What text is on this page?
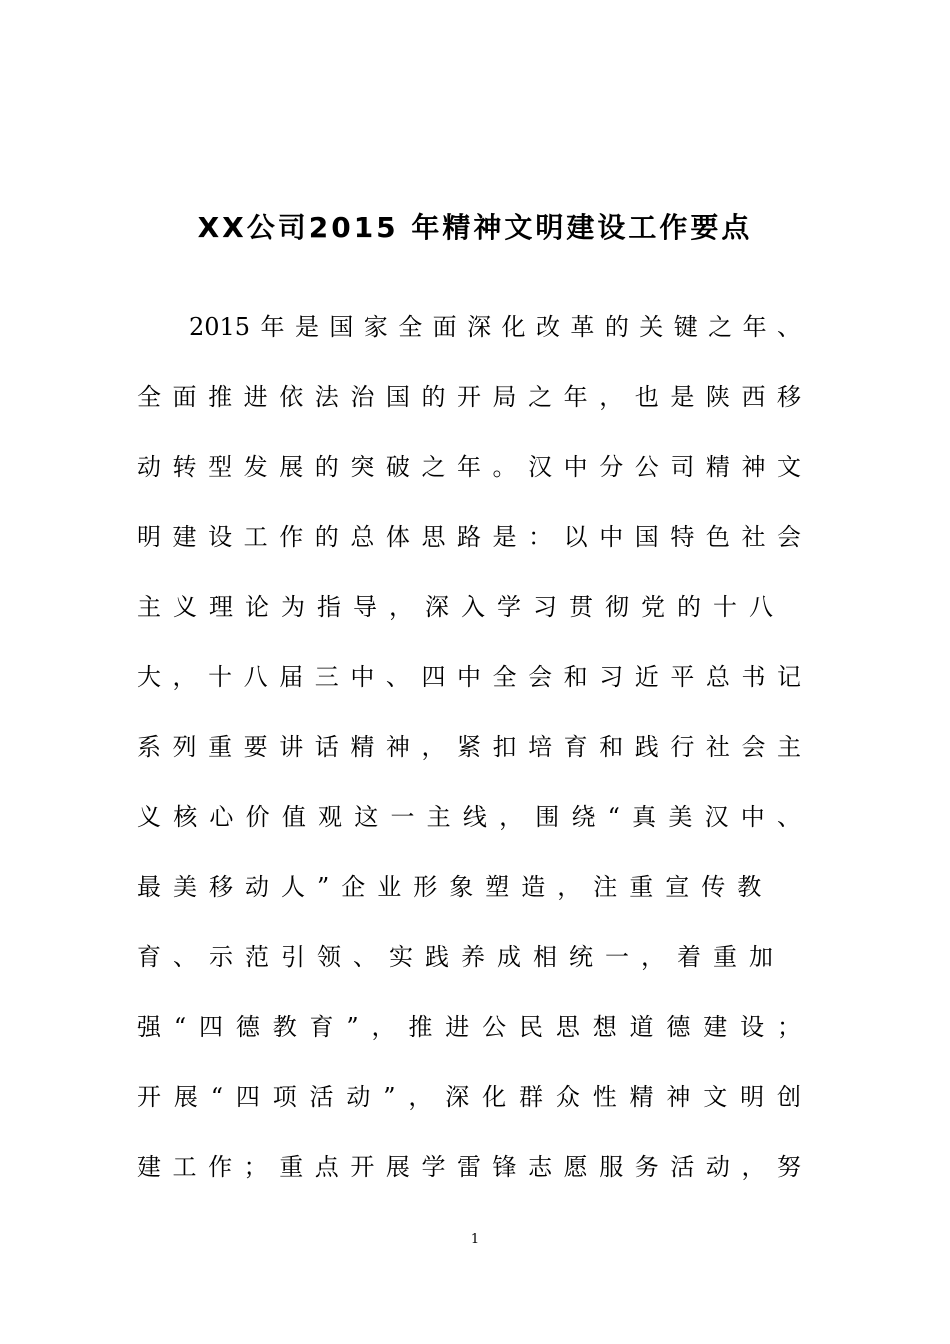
XX公司2015 年精神文明建设工作要点
2015年是国家全面深化改革的关键之年、
全面推进依法治国的开局之年，也是陕西移
动转型发展的突破之年。汉中分公司精神文
明建设工作的总体思路是：以中国特色社会
主义理论为指导，深入学习贯彻党的十八
大，十八届三中、四中全会和习近平总书记
系列重要讲话精神，紧扣培育和践行社会主
义核心价值观这一主线，围绕“真美汉中、
最美移动人”企业形象塑造，注重宣传教
育、示范引领、实践养成相统一，着重加
强“四德教育”，推进公民思想道德建设；
开展“四项活动”，深化群众性精神文明创
建工作；重点开展学雷锋志愿服务活动，努
1
